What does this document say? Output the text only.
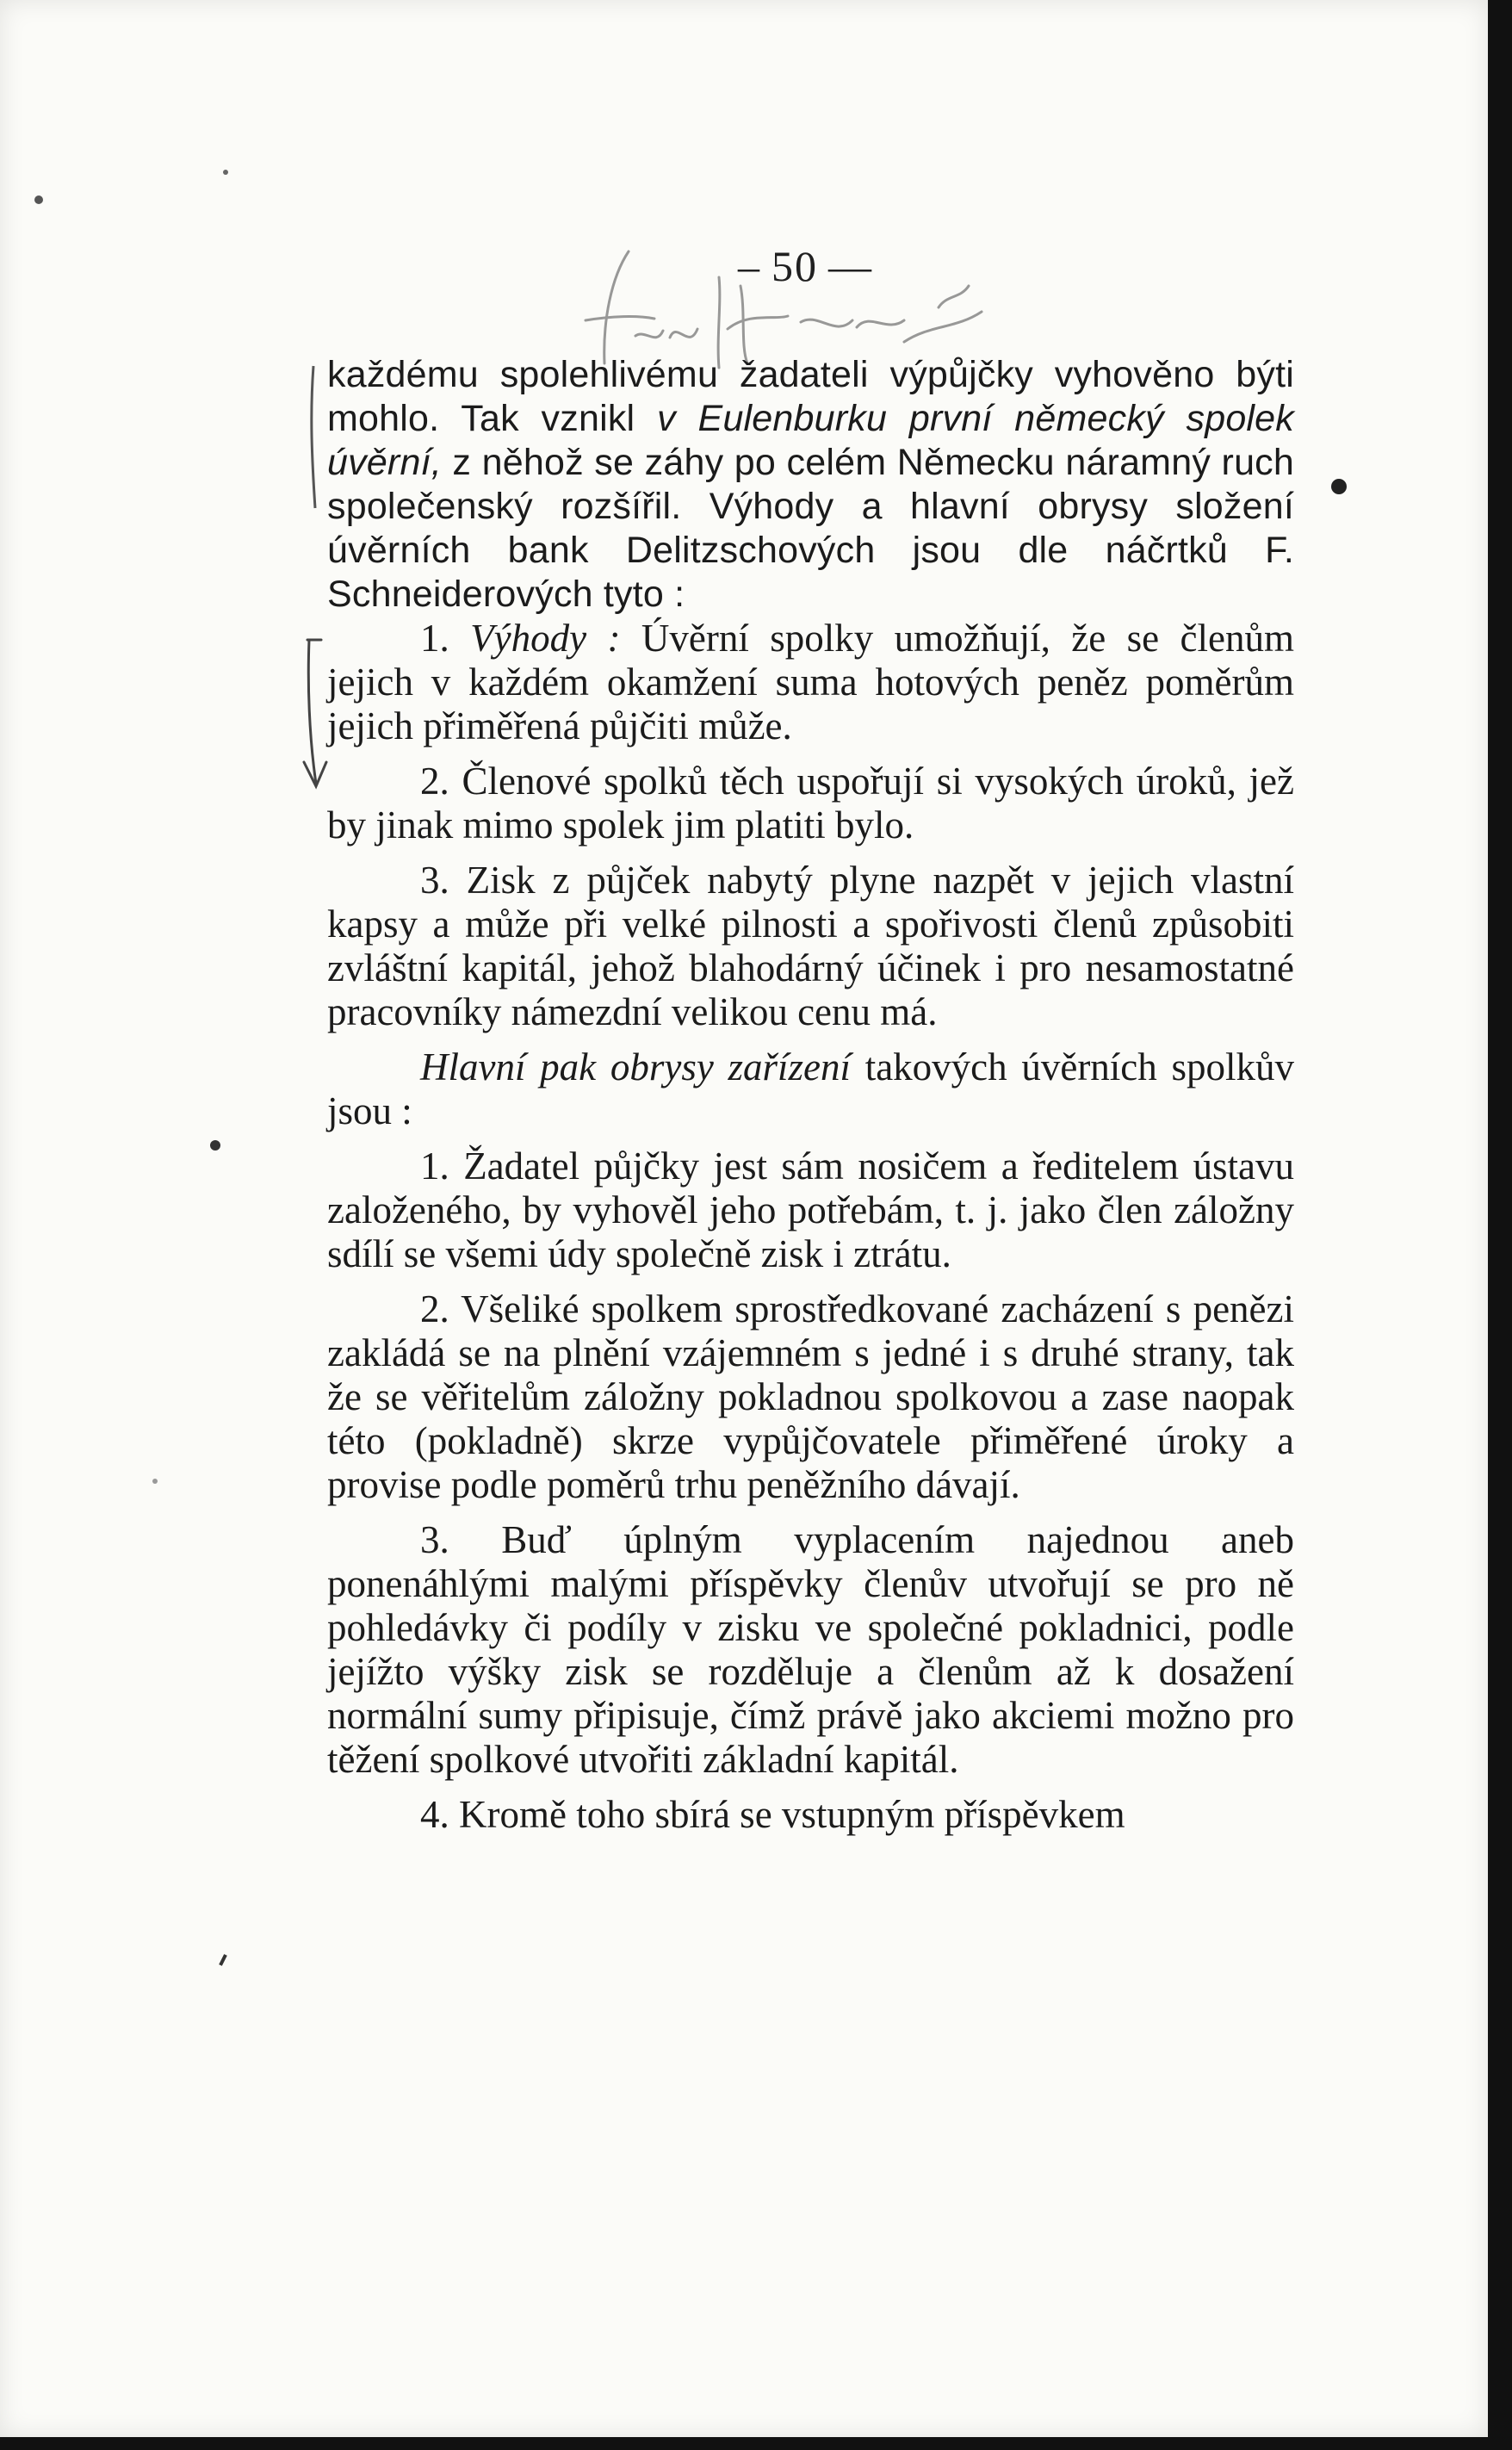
– 50 —

každému spolehlivému žadateli výpůjčky vyhověno býti mohlo. Tak vznikl v Eulenburku první německý spolek úvěrní, z něhož se záhy po celém Německu náramný ruch společenský rozšířil. Výhody a hlavní obrysy složení úvěrních bank Delitzschových jsou dle náčrtků F. Schneiderových tyto :

1. Výhody : Úvěrní spolky umožňují, že se členům jejich v každém okamžení suma hotových peněz poměrům jejich přiměřená půjčiti může.

2. Členové spolků těch uspořují si vysokých úroků, jež by jinak mimo spolek jim platiti bylo.

3. Zisk z půjček nabytý plyne nazpět v jejich vlastní kapsy a může při velké pilnosti a spořivosti členů způsobiti zvláštní kapitál, jehož blahodárný účinek i pro nesamostatné pracovníky námezdní velikou cenu má.

Hlavní pak obrysy zařízení takových úvěrních spolkův jsou :

1. Žadatel půjčky jest sám nosičem a ředitelem ústavu založeného, by vyhověl jeho potřebám, t. j. jako člen záložny sdílí se všemi údy společně zisk i ztrátu.

2. Všeliké spolkem sprostředkované zacházení s penězi zakládá se na plnění vzájemném s jedné i s druhé strany, tak že se věřitelům záložny pokladnou spolkovou a zase naopak této (pokladně) skrze vypůjčovatele přiměřené úroky a provise podle poměrů trhu peněžního dávají.

3. Buď úplným vyplacením najednou aneb ponenáhlými malými příspěvky členův utvořují se pro ně pohledávky či podíly v zisku ve společné pokladnici, podle jejížto výšky zisk se rozděluje a členům až k dosažení normální sumy připisuje, čímž právě jako akciemi možno pro těžení spolkové utvořiti základní kapitál.

4. Kromě toho sbírá se vstupným příspěvkem
